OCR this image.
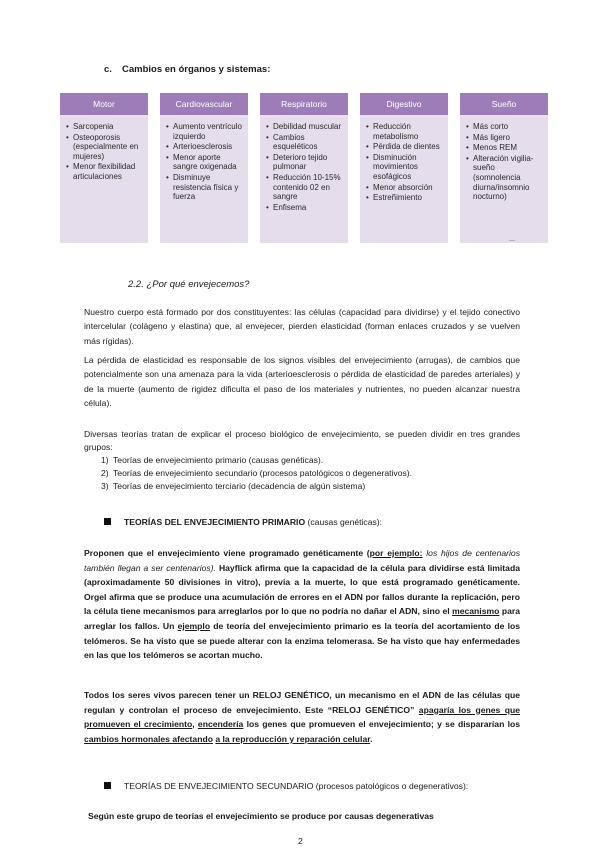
c. Cambios en órganos y sistemas:
Motor
• Sarcopenia
• Osteoporosis (especialmente en mujeres)
• Menor flexibilidad articulaciones
Cardiovascular
• Aumento ventrículo izquierdo
• Arterioesclerosis
• Menor aporte sangre oxigenada
• Disminuye resistencia física y fuerza
Respiratorio
• Debilidad muscular
• Cambios esqueléticos
• Deterioro tejido pulmonar
• Reducción 10-15% contenido 02 en sangre
• Enfisema
Digestivo
• Reducción metabolismo
• Pérdida de dientes
• Disminución movimientos esofágicos
• Menor absorción
• Estreñimiento
Sueño
• Más corto
• Más ligero
• Menos REM
• Alteración vigilia-sueño (somnolencia diurna/insomnio nocturno)
2.2. ¿Por qué envejecemos?

Nuestro cuerpo está formado por dos constituyentes: las células (capacidad para dividirse) y el tejido conectivo intercelular (colágeno y elastina) que, al envejecer, pierden elasticidad (forman enlaces cruzados y se vuelven más rígidas).

La pérdida de elasticidad es responsable de los signos visibles del envejecimiento (arrugas), de cambios que potencialmente son una amenaza para la vida (arterioesclerosis o pérdida de elasticidad de paredes arteriales) y de la muerte (aumento de rigidez dificulta el paso de los materiales y nutrientes, no pueden alcanzar nuestra célula).

Diversas teorías tratan de explicar el proceso biológico de envejecimiento, se pueden dividir en tres grandes grupos:

1) Teorías de envejecimiento primario (causas genéticas).
2) Teorías de envejecimiento secundario (procesos patológicos o degenerativos).
3) Teorías de envejecimiento terciario (decadencia de algún sistema)
TEORÍAS DEL ENVEJECIMIENTO PRIMARIO (causas genéticas):

Proponen que el envejecimiento viene programado genéticamente (por ejemplo: los hijos de centenarios también llegan a ser centenarios). Hayflick afirma que la capacidad de la célula para dividirse está limitada (aproximadamente 50 divisiones in vitro), previa a la muerte, lo que está programado genéticamente. Orgel afirma que se produce una acumulación de errores en el ADN por fallos durante la replicación, pero la célula tiene mecanismos para arreglarlos por lo que no podría no dañar el ADN, sino el mecanismo para arreglar los fallos. Un ejemplo de teoría del envejecimiento primario es la teoría del acortamiento de los telómeros. Se ha visto que se puede alterar con la enzima telomerasa. Se ha visto que hay enfermedades en las que los telómeros se acortan mucho.

Todos los seres vivos parecen tener un RELOJ GENÉTICO, un mecanismo en el ADN de las células que regulan y controlan el proceso de envejecimiento. Este “RELOJ GENÉTICO” apagaría los genes que promueven el crecimiento, encendería los genes que promueven el envejecimiento; y se dispararían los cambios hormonales afectando a la reproducción y reparación celular.

TEORÍAS DE ENVEJECIMIENTO SECUNDARIO (procesos patológicos o degenerativos):

Según este grupo de teorías el envejecimiento se produce por causas degenerativas

2
